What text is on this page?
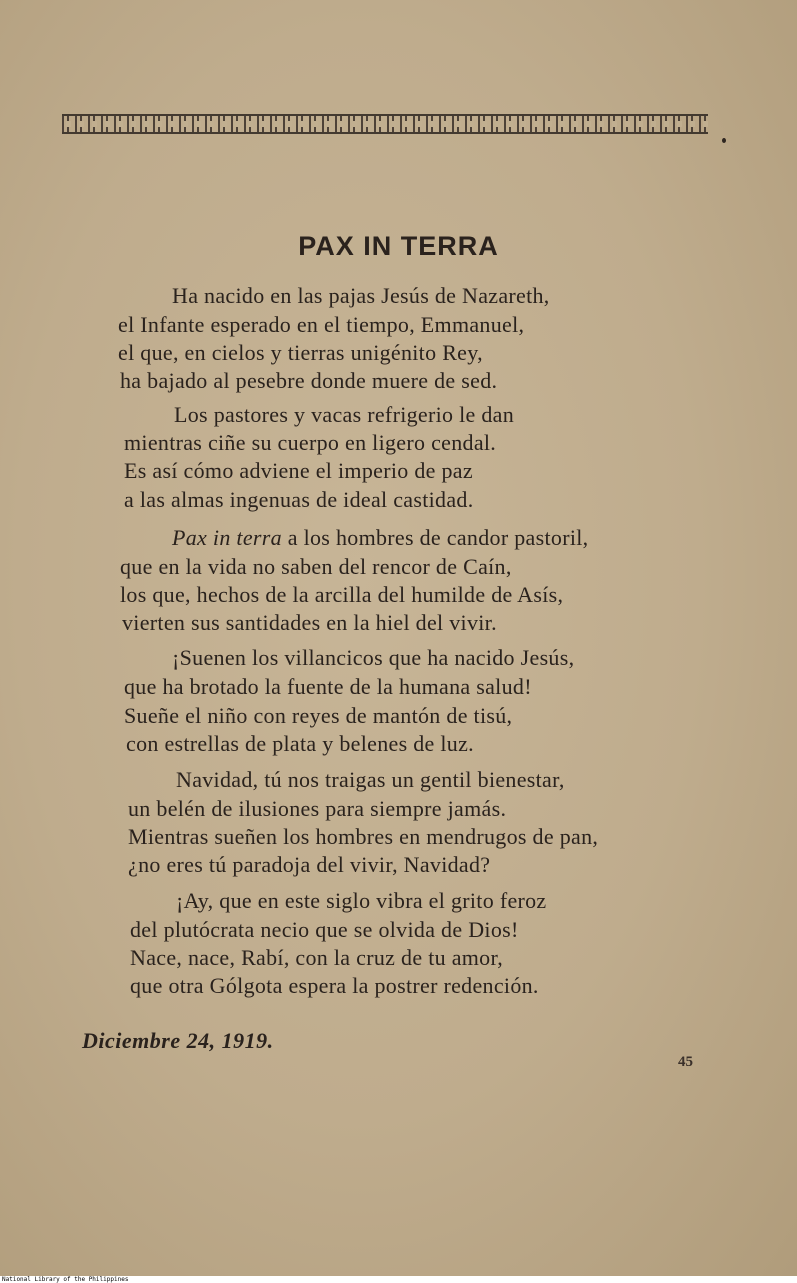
PAX IN TERRA
Ha nacido en las pajas Jesús de Nazareth,
el Infante esperado en el tiempo, Emmanuel,
el que, en cielos y tierras unigénito Rey,
ha bajado al pesebre donde muere de sed.
Los pastores y vacas refrigerio le dan
mientras ciñe su cuerpo en ligero cendal.
Es así cómo adviene el imperio de paz
a las almas ingenuas de ideal castidad.
Pax in terra a los hombres de candor pastoril,
que en la vida no saben del rencor de Caín,
los que, hechos de la arcilla del humilde de Asís,
vierten sus santidades en la hiel del vivir.
¡Suenen los villancicos que ha nacido Jesús,
que ha brotado la fuente de la humana salud!
Sueñe el niño con reyes de mantón de tisú,
con estrellas de plata y belenes de luz.
Navidad, tú nos traigas un gentil bienestar,
un belén de ilusiones para siempre jamás.
Mientras sueñen los hombres en mendrugos de pan,
¿no eres tú paradoja del vivir, Navidad?
¡Ay, que en este siglo vibra el grito feroz
del plutócrata necio que se olvida de Dios!
Nace, nace, Rabí, con la cruz de tu amor,
que otra Gólgota espera la postrer redención.
Diciembre 24, 1919.
45
National Library of the Philippines
